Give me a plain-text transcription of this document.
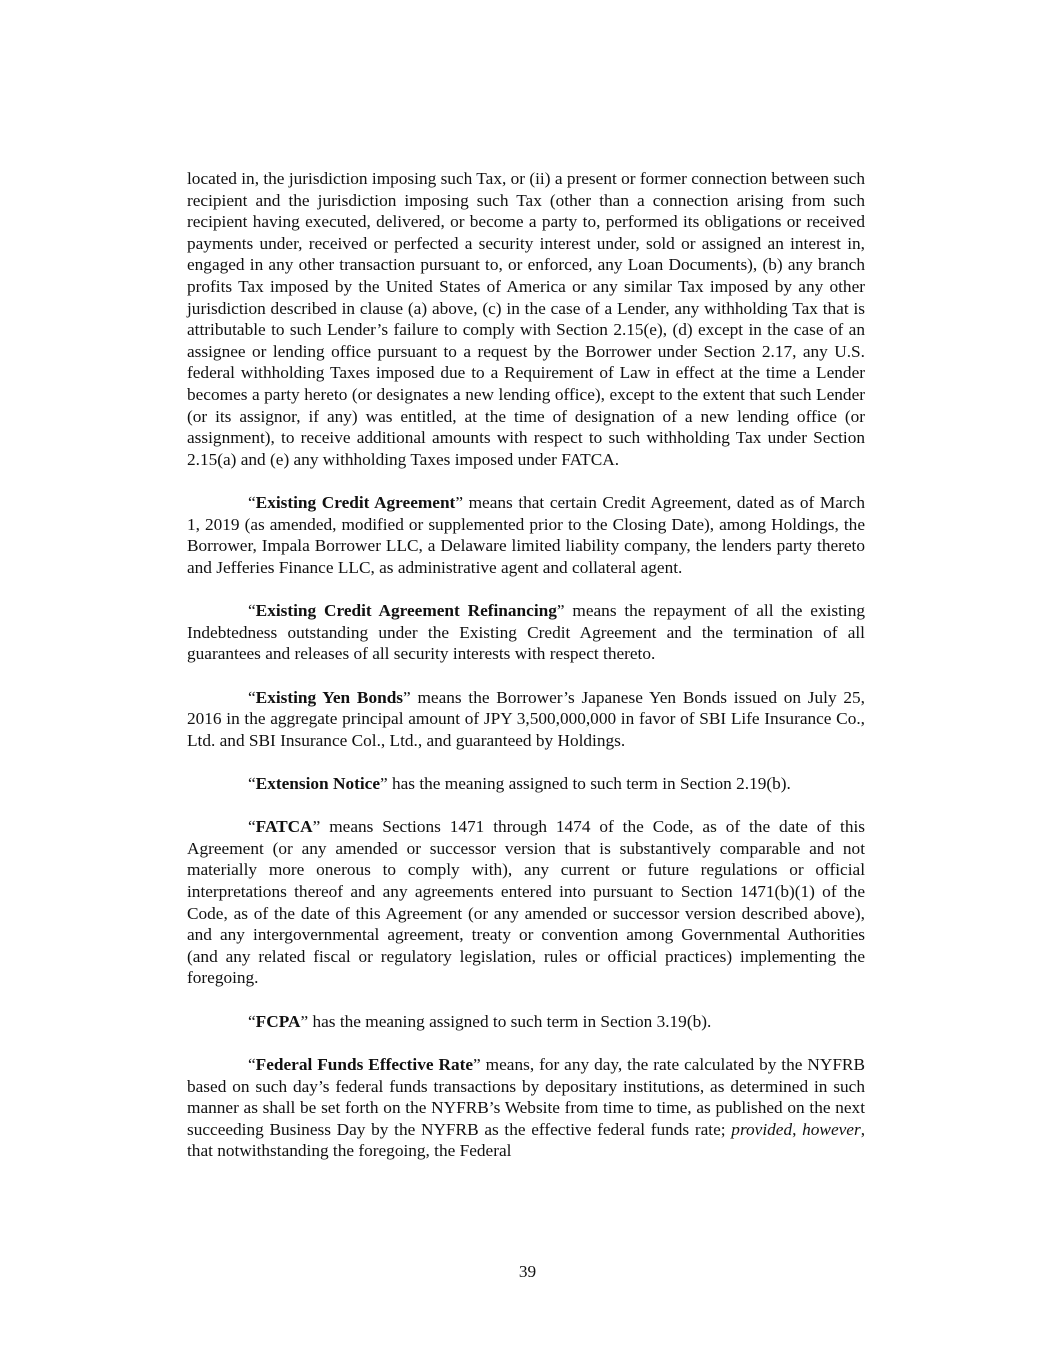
located in, the jurisdiction imposing such Tax, or (ii) a present or former connection between such recipient and the jurisdiction imposing such Tax (other than a connection arising from such recipient having executed, delivered, or become a party to, performed its obligations or received payments under, received or perfected a security interest under, sold or assigned an interest in, engaged in any other transaction pursuant to, or enforced, any Loan Documents), (b) any branch profits Tax imposed by the United States of America or any similar Tax imposed by any other jurisdiction described in clause (a) above, (c) in the case of a Lender, any withholding Tax that is attributable to such Lender’s failure to comply with Section 2.15(e), (d) except in the case of an assignee or lending office pursuant to a request by the Borrower under Section 2.17, any U.S. federal withholding Taxes imposed due to a Requirement of Law in effect at the time a Lender becomes a party hereto (or designates a new lending office), except to the extent that such Lender (or its assignor, if any) was entitled, at the time of designation of a new lending office (or assignment), to receive additional amounts with respect to such withholding Tax under Section 2.15(a) and (e) any withholding Taxes imposed under FATCA.

“Existing Credit Agreement” means that certain Credit Agreement, dated as of March 1, 2019 (as amended, modified or supplemented prior to the Closing Date), among Holdings, the Borrower, Impala Borrower LLC, a Delaware limited liability company, the lenders party thereto and Jefferies Finance LLC, as administrative agent and collateral agent.

“Existing Credit Agreement Refinancing” means the repayment of all the existing Indebtedness outstanding under the Existing Credit Agreement and the termination of all guarantees and releases of all security interests with respect thereto.

“Existing Yen Bonds” means the Borrower’s Japanese Yen Bonds issued on July 25, 2016 in the aggregate principal amount of JPY 3,500,000,000 in favor of SBI Life Insurance Co., Ltd. and SBI Insurance Col., Ltd., and guaranteed by Holdings.

“Extension Notice” has the meaning assigned to such term in Section 2.19(b).

“FATCA” means Sections 1471 through 1474 of the Code, as of the date of this Agreement (or any amended or successor version that is substantively comparable and not materially more onerous to comply with), any current or future regulations or official interpretations thereof and any agreements entered into pursuant to Section 1471(b)(1) of the Code, as of the date of this Agreement (or any amended or successor version described above), and any intergovernmental agreement, treaty or convention among Governmental Authorities (and any related fiscal or regulatory legislation, rules or official practices) implementing the foregoing.

“FCPA” has the meaning assigned to such term in Section 3.19(b).

“Federal Funds Effective Rate” means, for any day, the rate calculated by the NYFRB based on such day’s federal funds transactions by depositary institutions, as determined in such manner as shall be set forth on the NYFRB’s Website from time to time, as published on the next succeeding Business Day by the NYFRB as the effective federal funds rate; provided, however, that notwithstanding the foregoing, the Federal

39
